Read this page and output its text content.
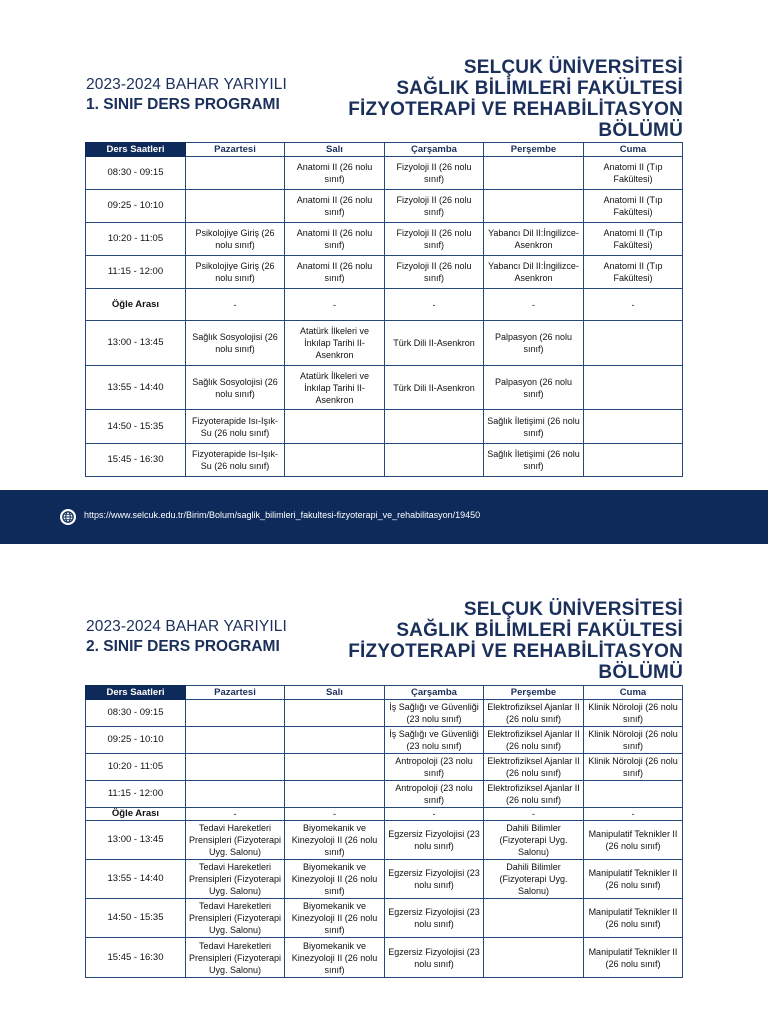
2023-2024 BAHAR YARIYILI
1. SINIF DERS PROGRAMI
SELÇUK ÜNİVERSİTESİ
SAĞLIK BİLİMLERİ FAKÜLTESİ
FİZYOTERAPİ VE REHABİLİTASYON
BÖLÜMÜ
Ders Saatleri	Pazartesi	Salı	Çarşamba	Perşembe	Cuma
08:30 - 09:15		Anatomi II (26 nolu sınıf)	Fizyoloji II (26 nolu sınıf)		Anatomi II (Tıp Fakültesi)
09:25 - 10:10		Anatomi II (26 nolu sınıf)	Fizyoloji II (26 nolu sınıf)		Anatomi II (Tıp Fakültesi)
10:20 - 11:05	Psikolojiye Giriş (26 nolu sınıf)	Anatomi II (26 nolu sınıf)	Fizyoloji II (26 nolu sınıf)	Yabancı Dil II:İngilizce-Asenkron	Anatomi II (Tıp Fakültesi)
11:15 - 12:00	Psikolojiye Giriş (26 nolu sınıf)	Anatomi II (26 nolu sınıf)	Fizyoloji II (26 nolu sınıf)	Yabancı Dil II:İngilizce-Asenkron	Anatomi II (Tıp Fakültesi)
Öğle Arası	-	-	-	-	-
13:00 - 13:45	Sağlık Sosyolojisi (26 nolu sınıf)	Atatürk İlkeleri ve İnkılap Tarihi II-Asenkron	Türk Dili II-Asenkron	Palpasyon (26 nolu sınıf)	
13:55 - 14:40	Sağlık Sosyolojisi (26 nolu sınıf)	Atatürk İlkeleri ve İnkılap Tarihi II-Asenkron	Türk Dili II-Asenkron	Palpasyon (26 nolu sınıf)	
14:50 - 15:35	Fizyoterapide Isı-Işık-Su (26 nolu sınıf)			Sağlık İletişimi (26 nolu sınıf)	
15:45 - 16:30	Fizyoterapide Isı-Işık-Su (26 nolu sınıf)			Sağlık İletişimi (26 nolu sınıf)	
https://www.selcuk.edu.tr/Birim/Bolum/saglik_bilimleri_fakultesi-fizyoterapi_ve_rehabilitasyon/19450
2023-2024 BAHAR YARIYILI
2. SINIF DERS PROGRAMI
SELÇUK ÜNİVERSİTESİ
SAĞLIK BİLİMLERİ FAKÜLTESİ
FİZYOTERAPİ VE REHABİLİTASYON
BÖLÜMÜ
Ders Saatleri	Pazartesi	Salı	Çarşamba	Perşembe	Cuma
08:30 - 09:15			İş Sağlığı ve Güvenliği (23 nolu sınıf)	Elektrofiziksel Ajanlar II (26 nolu sınıf)	Klinik Nöroloji (26 nolu sınıf)
09:25 - 10:10			İş Sağlığı ve Güvenliği (23 nolu sınıf)	Elektrofiziksel Ajanlar II (26 nolu sınıf)	Klinik Nöroloji (26 nolu sınıf)
10:20 - 11:05			Antropoloji (23 nolu sınıf)	Elektrofiziksel Ajanlar II (26 nolu sınıf)	Klinik Nöroloji (26 nolu sınıf)
11:15 - 12:00			Antropoloji (23 nolu sınıf)	Elektrofiziksel Ajanlar II (26 nolu sınıf)	
Öğle Arası	-	-	-	-	-
13:00 - 13:45	Tedavi Hareketleri Prensipleri (Fizyoterapi Uyg. Salonu)	Biyomekanik ve Kinezyoloji II (26 nolu sınıf)	Egzersiz Fizyolojisi (23 nolu sınıf)	Dahili Bilimler (Fizyoterapi Uyg. Salonu)	Manipulatif Teknikler II (26 nolu sınıf)
13:55 - 14:40	Tedavi Hareketleri Prensipleri (Fizyoterapi Uyg. Salonu)	Biyomekanik ve Kinezyoloji II (26 nolu sınıf)	Egzersiz Fizyolojisi (23 nolu sınıf)	Dahili Bilimler (Fizyoterapi Uyg. Salonu)	Manipulatif Teknikler II (26 nolu sınıf)
14:50 - 15:35	Tedavi Hareketleri Prensipleri (Fizyoterapi Uyg. Salonu)	Biyomekanik ve Kinezyoloji II (26 nolu sınıf)	Egzersiz Fizyolojisi (23 nolu sınıf)		Manipulatif Teknikler II (26 nolu sınıf)
15:45 - 16:30	Tedavi Hareketleri Prensipleri (Fizyoterapi Uyg. Salonu)	Biyomekanik ve Kinezyoloji II (26 nolu sınıf)	Egzersiz Fizyolojisi (23 nolu sınıf)		Manipulatif Teknikler II (26 nolu sınıf)
